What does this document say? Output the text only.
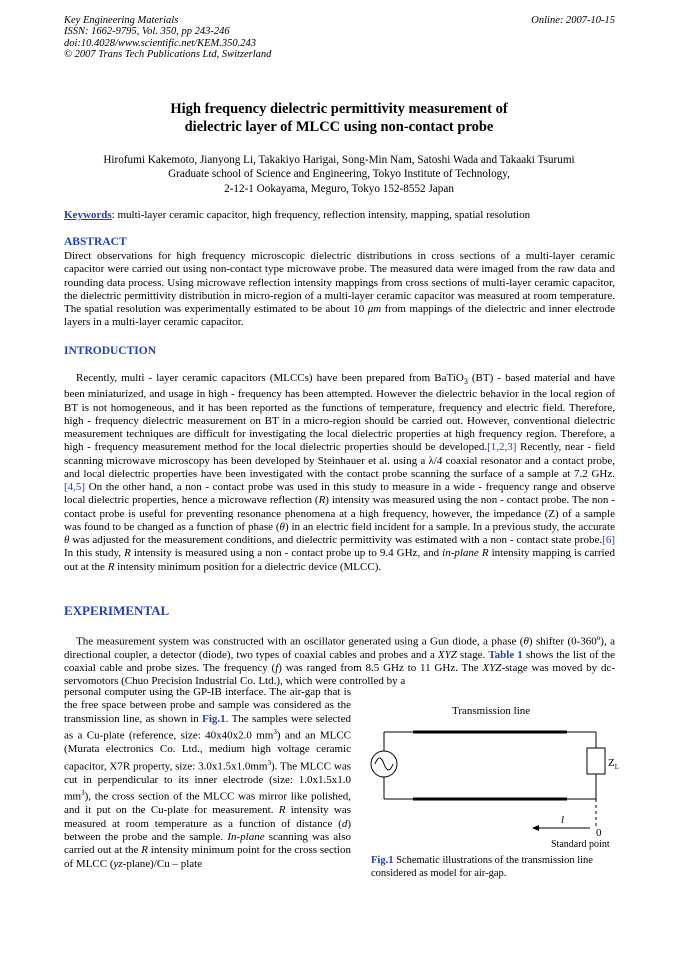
Key Engineering Materials
ISSN: 1662-9795, Vol. 350, pp 243-246
doi:10.4028/www.scientific.net/KEM.350.243
© 2007 Trans Tech Publications Ltd, Switzerland
Online: 2007-10-15
High frequency dielectric permittivity measurement of
dielectric layer of MLCC using non-contact probe
Hirofumi Kakemoto, Jianyong Li, Takakiyo Harigai, Song-Min Nam, Satoshi Wada and Takaaki Tsurumi
Graduate school of Science and Engineering, Tokyo Institute of Technology,
2-12-1 Ookayama, Meguro, Tokyo 152-8552 Japan
Keywords: multi-layer ceramic capacitor, high frequency, reflection intensity, mapping, spatial resolution
ABSTRACT

Direct observations for high frequency microscopic dielectric distributions in cross sections of a multi-layer ceramic capacitor were carried out using non-contact type microwave probe. The measured data were imaged from the raw data and rounding data process. Using microwave reflection intensity mappings from cross sections of multi-layer ceramic capacitor, the dielectric permittivity distribution in micro-region of a multi-layer ceramic capacitor was measured at room temperature. The spatial resolution was experimentally estimated to be about 10 μm from mappings of the dielectric and inner electrode layers in a multi-layer ceramic capacitor.

INTRODUCTION

Recently, multi - layer ceramic capacitors (MLCCs) have been prepared from BaTiO$_3$ (BT) - based material and have been miniaturized, and usage in high - frequency has been attempted. However the dielectric behavior in the local region of BT is not homogeneous, and it has been reported as the functions of temperature, frequency and electric field. Therefore, high - frequency dielectric measurement on BT in a micro-region should be carried out. However, conventional dielectric measurement techniques are difficult for investigating the local dielectric properties at high frequency region. Therefore, a high - frequency measurement method for the local dielectric properties should be developed.[1,2,3] Recently, near - field scanning microwave microscopy has been developed by Steinhauer et al. using a λ/4 coaxial resonator and a contact probe, and local dielectric properties have been investigated with the contact probe scanning the surface of a sample at 7.2 GHz.[4,5] On the other hand, a non - contact probe was used in this study to measure in a wide - frequency range and observe local dielectric properties, hence a microwave reflection (R) intensity was measured using the non - contact probe. The non - contact probe is useful for preventing resonance phenomena at a high frequency, however, the impedance (Z) of a sample was found to be changed as a function of phase (θ) in an electric field incident for a sample. In a previous study, the accurate θ was adjusted for the measurement conditions, and dielectric permittivity was estimated with a non - contact state probe.[6] In this study, R intensity is measured using a non - contact probe up to 9.4 GHz, and in-plane R intensity mapping is carried out at the R intensity minimum position for a dielectric device (MLCC).

EXPERIMENTAL

The measurement system was constructed with an oscillator generated using a Gun diode, a phase (θ) shifter (0-360$^o$), a directional coupler, a detector (diode), two types of coaxial cables and probes and a XYZ stage. Table 1 shows the list of the coaxial cable and probe sizes. The frequency (f) was ranged from 8.5 GHz to 11 GHz. The XYZ-stage was moved by dc-servomotors (Chuo Precision Industrial Co. Ltd.), which were controlled by a

personal computer using the GP-IB interface. The air-gap that is the free space between probe and sample was considered as the transmission line, as shown in Fig.1. The samples were selected as a Cu-plate (reference, size: 40x40x2.0 $mm^3$) and an MLCC (Murata electronics Co. Ltd., medium high voltage ceramic capacitor, X7R property, size: $3.0x1.5x1.0mm^3$). The MLCC was cut in perpendicular to its inner electrode (size: 1.0x1.5x1.0 $mm^3$), the cross section of the MLCC was mirror like polished, and it put on the Cu-plate for measurement. R intensity was measured at room temperature as a function of distance (d) between the probe and the sample. In-plane scanning was also carried out at the R intensity minimum point for the cross section of MLCC (yz-plane)/Cu – plate

Transmission line
$Z_L$
l
0
Standard point
Fig.1 Schematic illustrations of the transmission line considered as model for air-gap.
